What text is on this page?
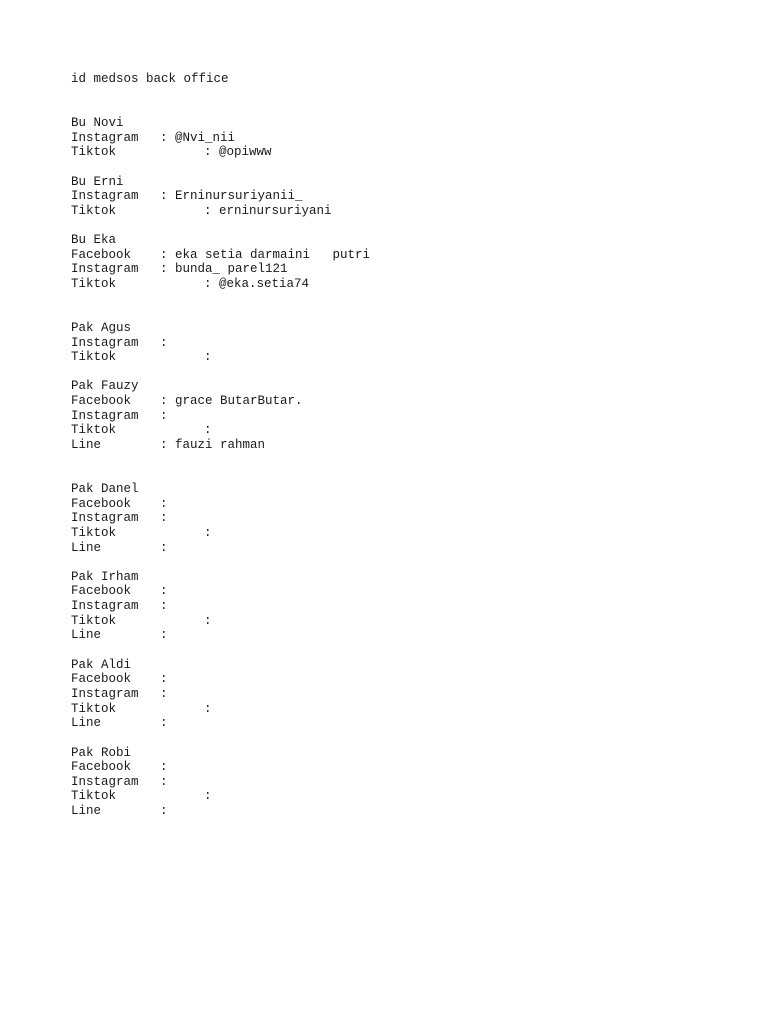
id medsos back office
Bu Novi
Instagram : @Nvi_nii
Tiktok	: @opiwww
Bu Erni
Instagram : Erninursuriyanii_
Tiktok	: erninursuriyani
Bu Eka
Facebook : eka setia darmaini   putri
Instagram : bunda_ parel121
Tiktok	: @eka.setia74
Pak Agus
Instagram :
Tiktok	:
Pak Fauzy
Facebook : grace ButarButar.
Instagram :
Tiktok	:
Line	: fauzi rahman
Pak Danel
Facebook :
Instagram :
Tiktok	:
Line	:
Pak Irham
Facebook :
Instagram :
Tiktok	:
Line	:
Pak Aldi
Facebook :
Instagram :
Tiktok	:
Line	:
Pak Robi
Facebook :
Instagram :
Tiktok	:
Line	:
